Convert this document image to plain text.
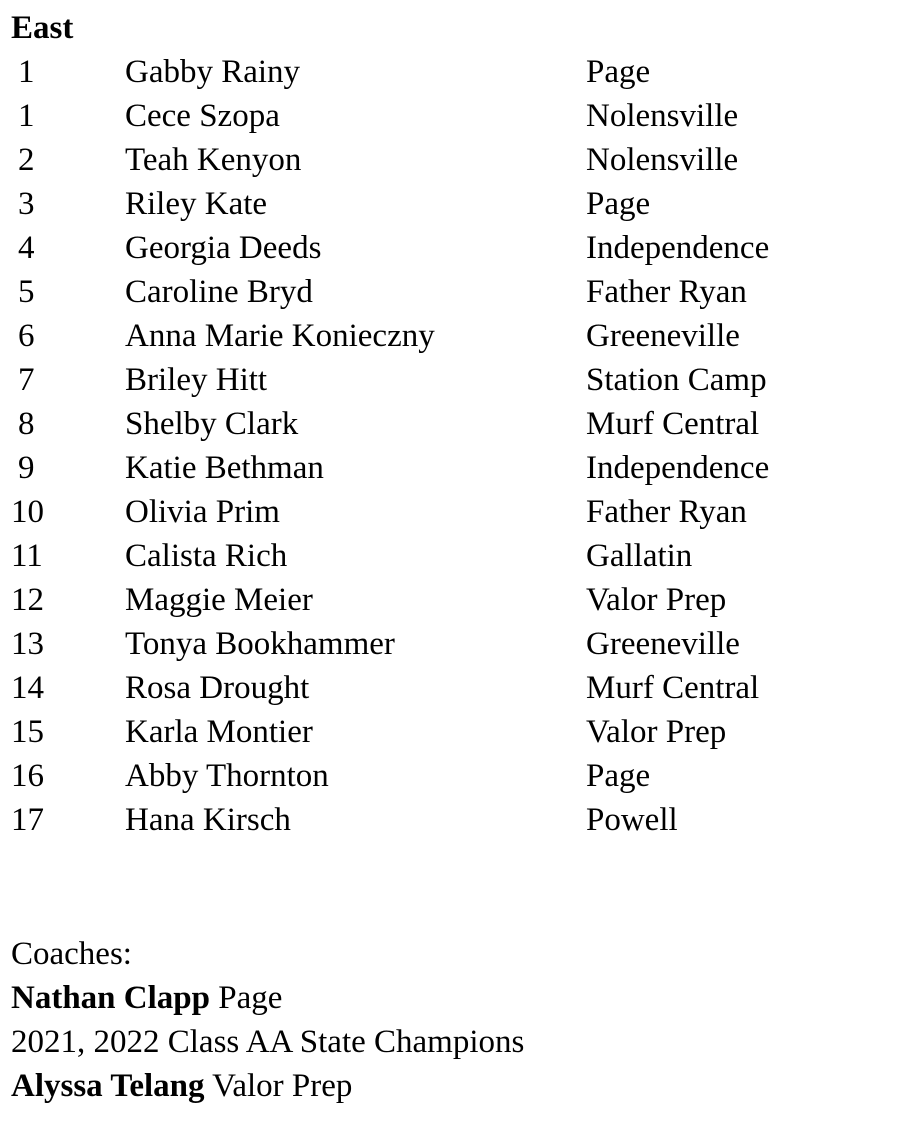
East
1	Gabby Rainy	Page
1	Cece Szopa	Nolensville
2	Teah Kenyon	Nolensville
3	Riley Kate	Page
4	Georgia Deeds	Independence
5	Caroline Bryd	Father Ryan
6	Anna Marie Konieczny	Greeneville
7	Briley Hitt	Station Camp
8	Shelby Clark	Murf Central
9	Katie Bethman	Independence
10	Olivia Prim	Father Ryan
11	Calista Rich	Gallatin
12	Maggie Meier	Valor Prep
13	Tonya Bookhammer	Greeneville
14	Rosa Drought	Murf Central
15	Karla Montier	Valor Prep
16	Abby Thornton	Page
17	Hana Kirsch	Powell
Coaches:
Nathan Clapp Page
2021, 2022 Class AA State Champions
Alyssa Telang Valor Prep
